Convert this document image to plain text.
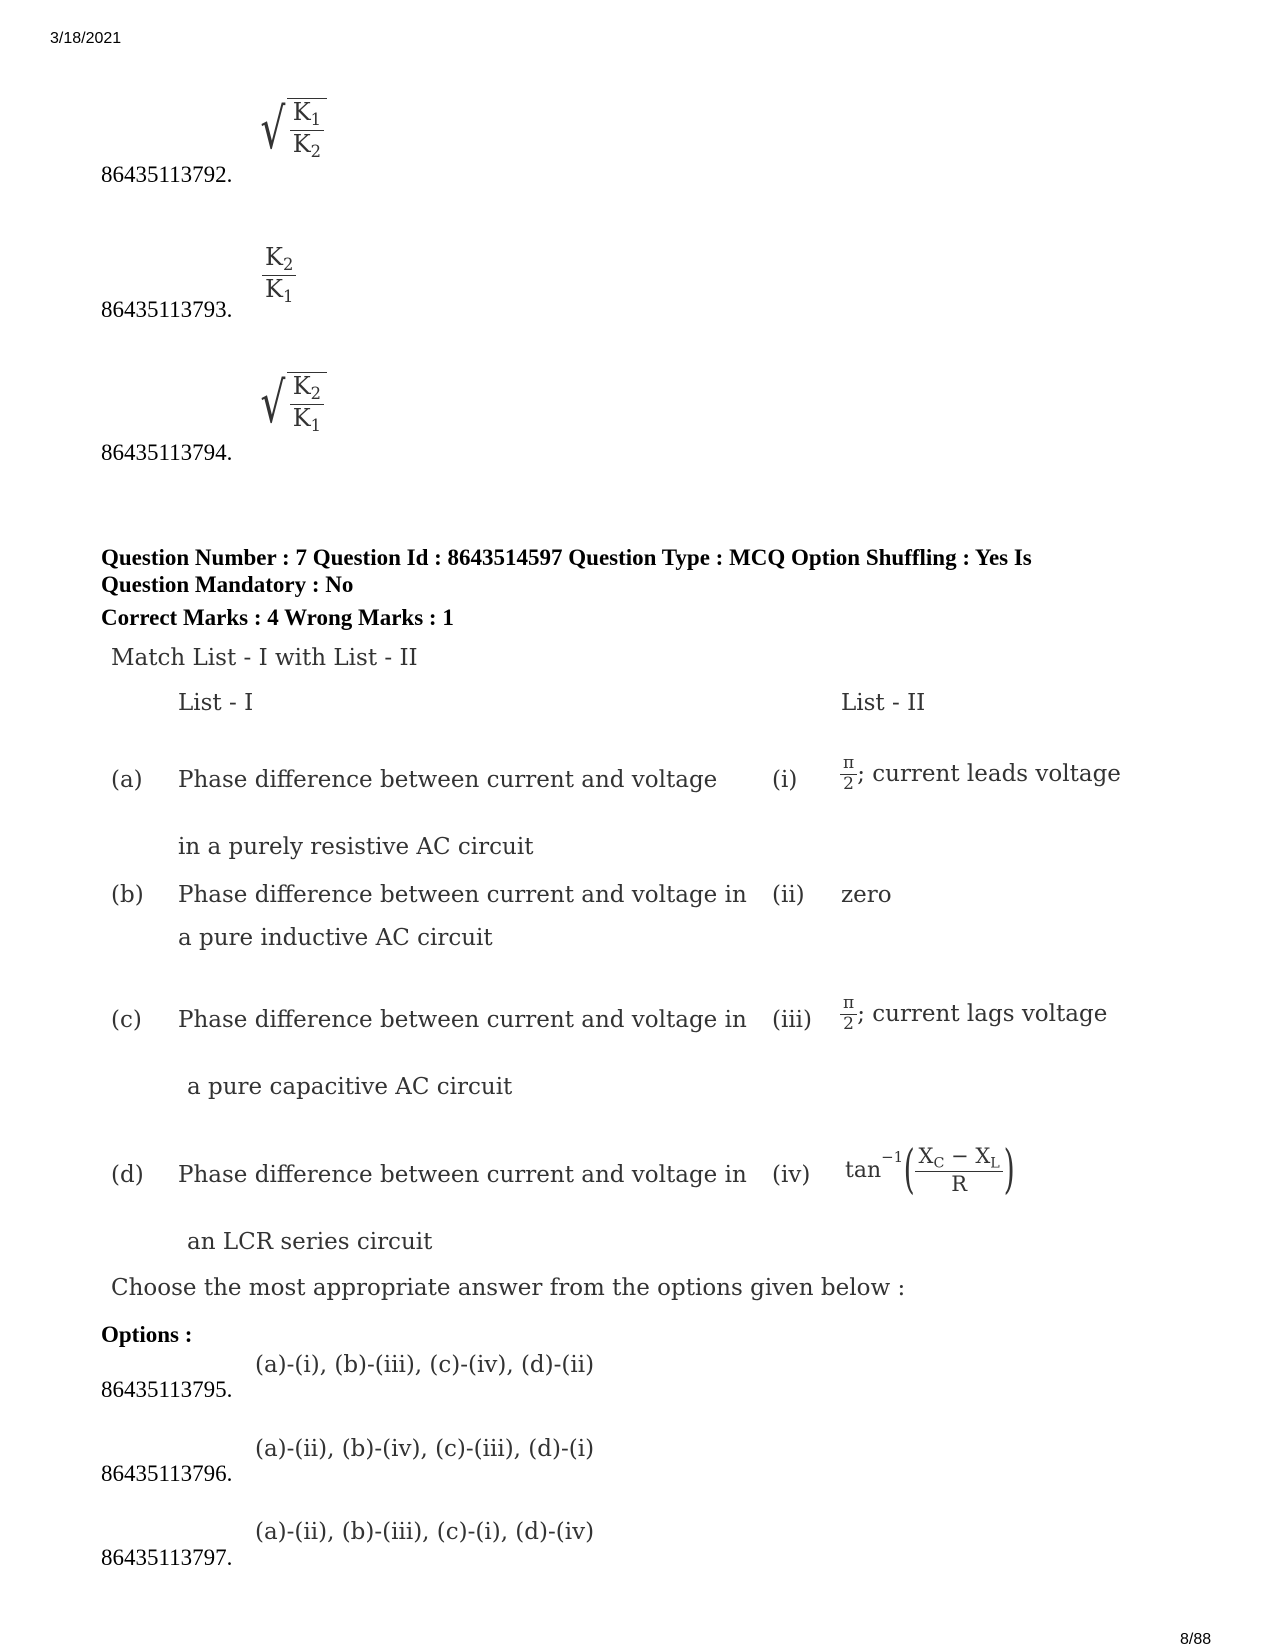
3/18/2021
8/88
86435113792.
√ $\frac{K_1}{K_2}$
86435113793.
$\frac{K_2}{K_1}$
86435113794.
√ $\frac{K_2}{K_1}$
Question Number : 7 Question Id : 8643514597 Question Type : MCQ Option Shuffling : Yes Is
Question Mandatory : No
Correct Marks : 4 Wrong Marks : 1
Match List - I with List - II
List - I	List - II
(a) Phase difference between current and voltage
in a purely resistive AC circuit
(i)	$\frac{\pi}{2}$ ; current leads voltage
(b) Phase difference between current and voltage in
a pure inductive AC circuit
(ii) zero
(c) Phase difference between current and voltage in
a pure capacitive AC circuit
$(iii) \frac{\pi}{2}$ ; current lags voltage
(d) Phase difference between current and voltage in
an LCR series circuit
(iv) tan
$^{-1}$ ( $\frac{X_C - X_L}{R}$ )
Choose the most appropriate answer from the options given below :
Options :
86435113795.
(a)-(i), (b)-(iii), (c)-(iv), (d)-(ii)
86435113796.
(a)-(ii), (b)-(iv), (c)-(iii), (d)-(i)
86435113797.
(a)-(ii), (b)-(iii), (c)-(i), (d)-(iv)
